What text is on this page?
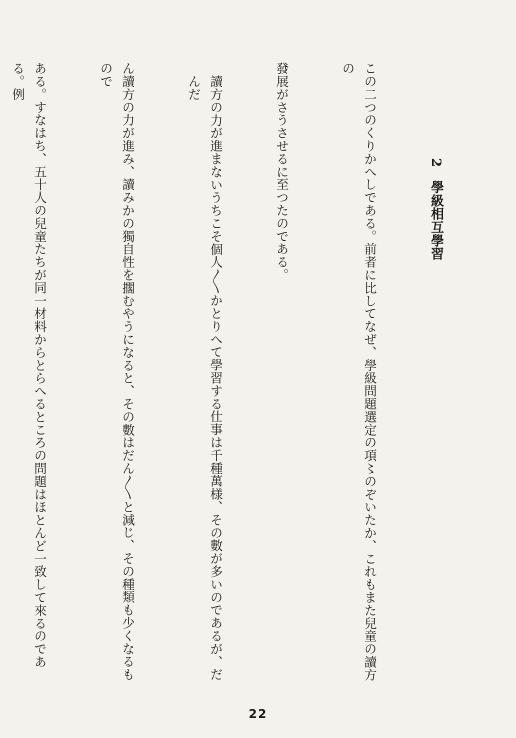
2　學級相互學習

この二つのくりかへしである。前者に比してなぜ、學級問題選定の項〻のぞいたか、これもまた兒童の讀方の

發展がさうさせるに至つたのである。

讀方の力が進まないうちこそ個人〳〵かとりへて學習する仕事は千種萬様、その數が多いのであるが、だんだ

ん讀方の力が進み、讀みかの獨自性を擱むやうになると、その數はだん〳〵と減じ、その種類も少くなるもので

ある。すなはち、五十人の兒童たちが同一材料からとらへるところの問題はほとんど一致して來るのである。例

22
